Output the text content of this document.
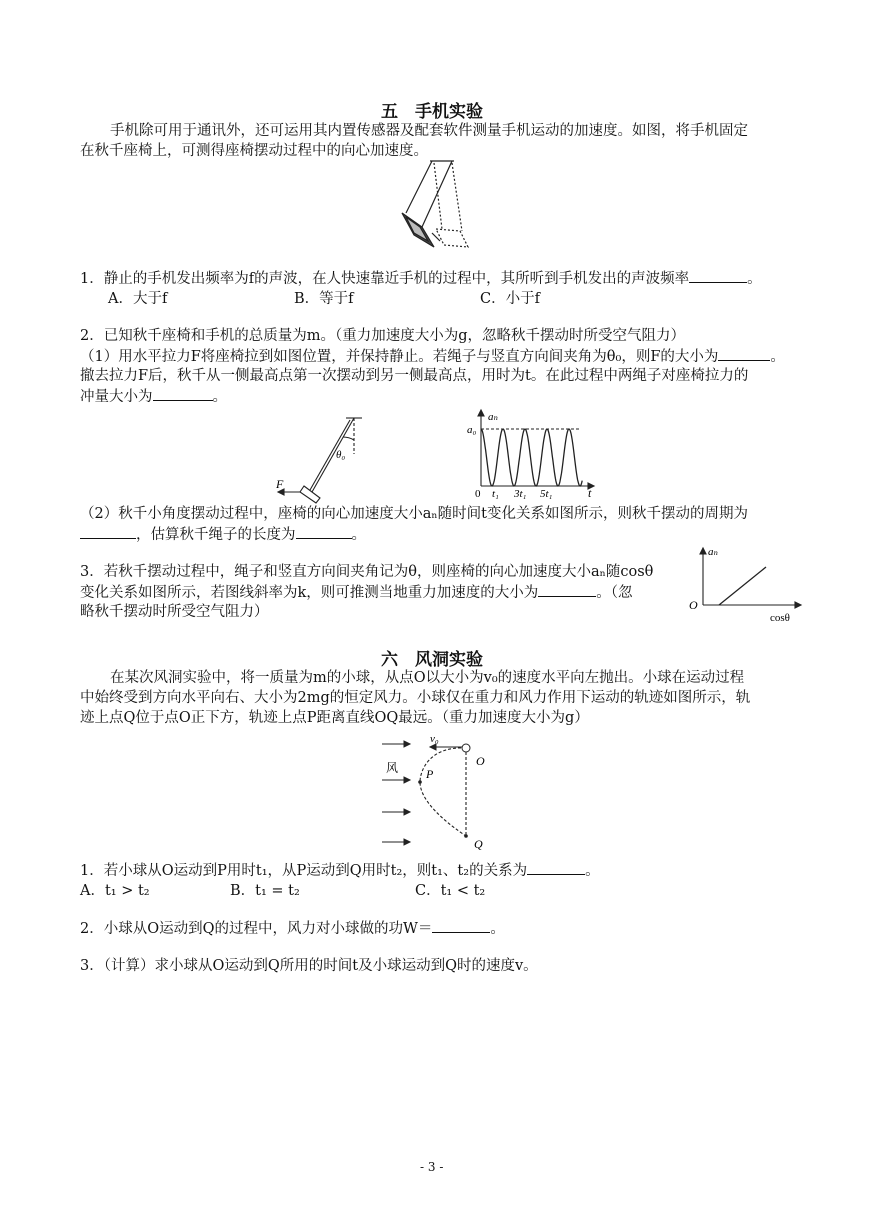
五　手机实验
手机除可用于通讯外，还可运用其内置传感器及配套软件测量手机运动的加速度。如图，将手机固定
在秋千座椅上，可测得座椅摆动过程中的向心加速度。
1．静止的手机发出频率为f的声波，在人快速靠近手机的过程中，其所听到手机发出的声波频率	。
A．大于f	B．等于f	C．小于f
2．已知秋千座椅和手机的总质量为m。（重力加速度大小为g，忽略秋千摆动时所受空气阻力）
（1）用水平拉力F将座椅拉到如图位置，并保持静止。若绳子与竖直方向间夹角为θ₀，则F的大小为	。
撤去拉力F后，秋千从一侧最高点第一次摆动到另一侧最高点，用时为t。在此过程中两绳子对座椅拉力的
冲量大小为	。
θ₀
F
aₙ
a₀
t
0 t₁ 3t₁ 5t₁
（2）秋千小角度摆动过程中，座椅的向心加速度大小aₙ随时间t变化关系如图所示，则秋千摆动的周期为
，估算秋千绳子的长度为	。
3．若秋千摆动过程中，绳子和竖直方向间夹角记为θ，则座椅的向心加速度大小aₙ随cosθ
变化关系如图所示，若图线斜率为k，则可推测当地重力加速度的大小为	。（忽
略秋千摆动时所受空气阻力）
aₙ
O
cosθ
六　风洞实验
在某次风洞实验中，将一质量为m的小球，从点O以大小为v₀的速度水平向左抛出。小球在运动过程
中始终受到方向水平向右、大小为2mg的恒定风力。小球仅在重力和风力作用下运动的轨迹如图所示，轨
迹上点Q位于点O正下方，轨迹上点P距离直线OQ最远。（重力加速度大小为g）
风
v₀
O
P
Q
1．若小球从O运动到P用时t₁，从P运动到Q用时t₂，则t₁、t₂的关系为	。
A．t₁ > t₂	B．t₁ = t₂	C．t₁ < t₂
2．小球从O运动到Q的过程中，风力对小球做的功W＝	。
3．（计算）求小球从O运动到Q所用的时间t及小球运动到Q时的速度v。
- 3 -
